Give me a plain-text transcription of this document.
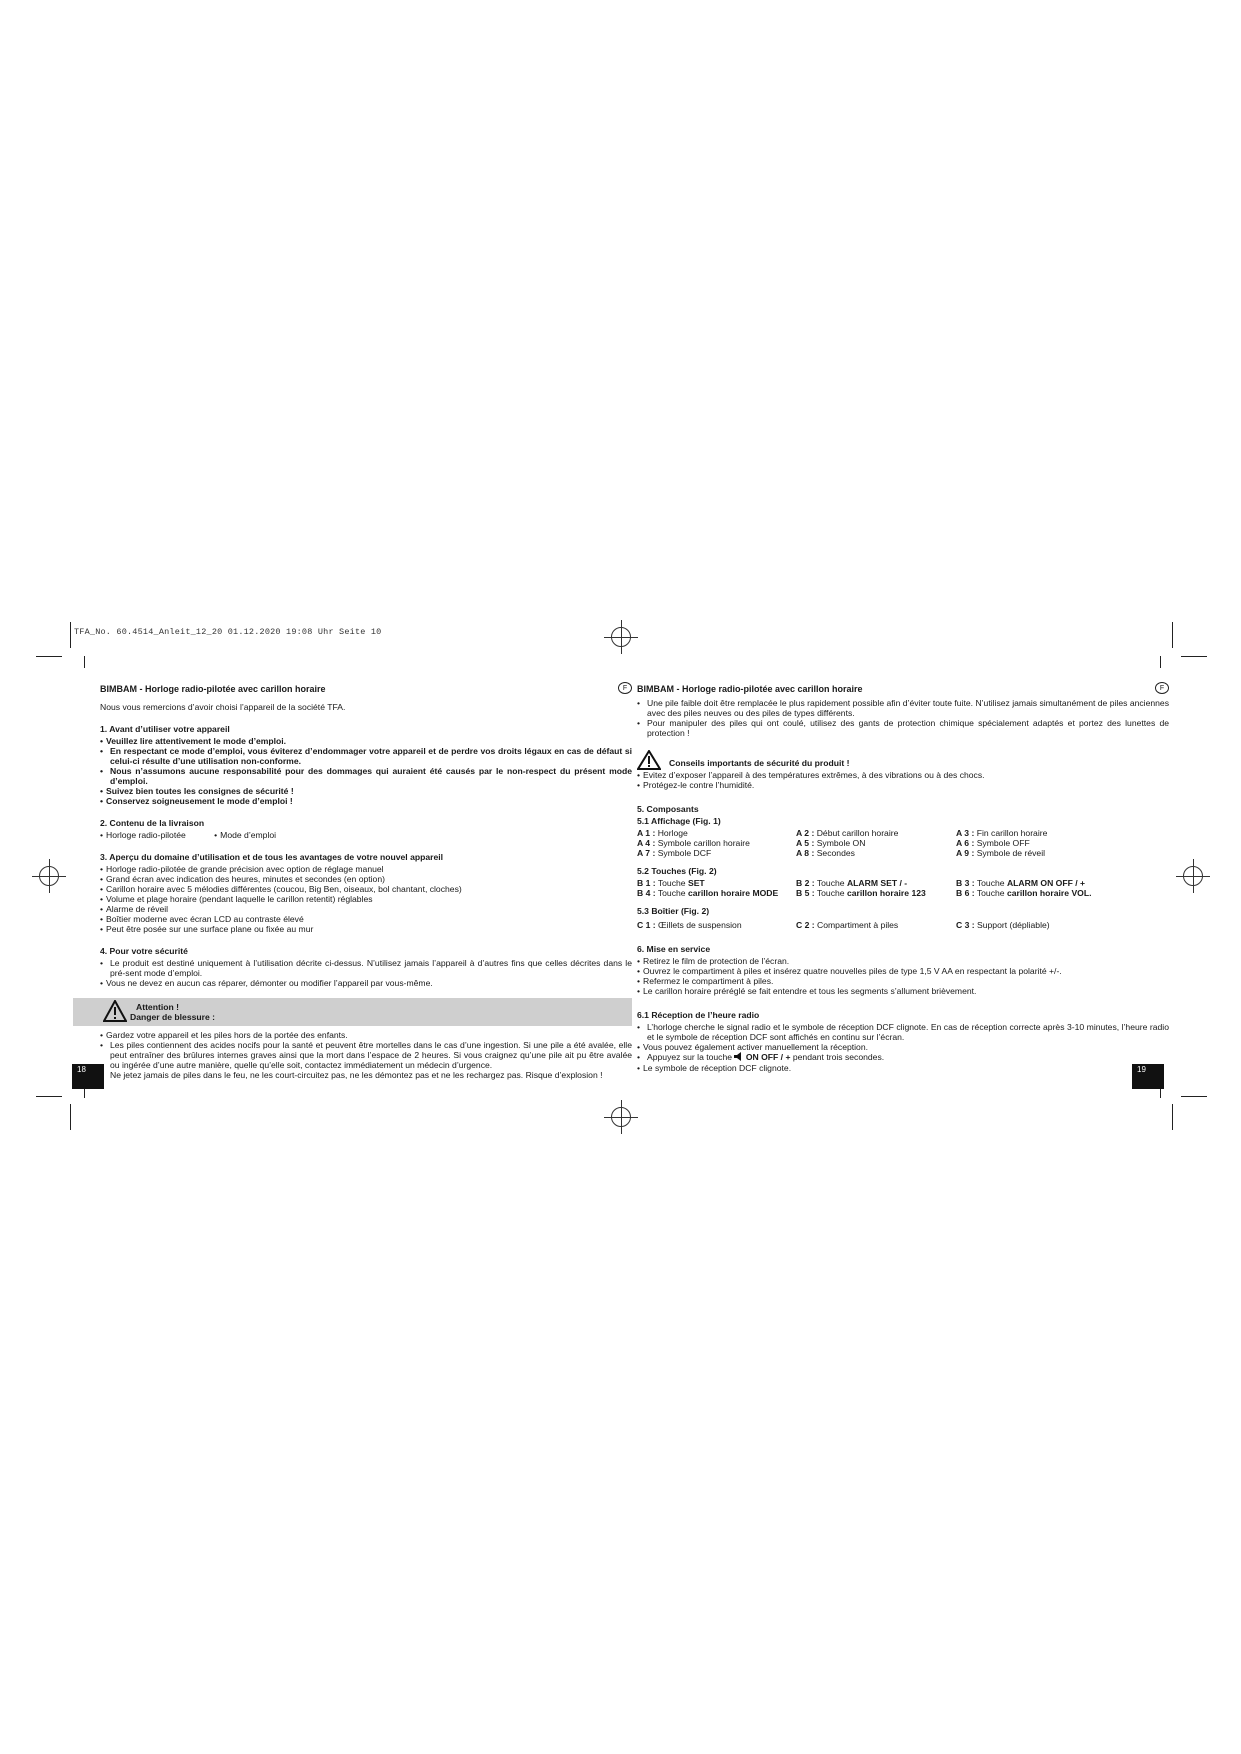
TFA_No. 60.4514_Anleit_12_20 01.12.2020 19:08 Uhr Seite 10
BIMBAM - Horloge radio-pilotée avec carillon horaire	F

Nous vous remercions d’avoir choisi l’appareil de la société TFA.

1. Avant d’utiliser votre appareil
• Veuillez lire attentivement le mode d’emploi.
• En respectant ce mode d’emploi, vous éviterez d’endommager votre appareil et de perdre vos droits légaux en cas de défaut si celui-ci résulte d’une utilisation non-conforme.
• Nous n’assumons aucune responsabilité pour des dommages qui auraient été causés par le non-respect du présent mode d’emploi.
• Suivez bien toutes les consignes de sécurité !
• Conservez soigneusement le mode d’emploi !
2. Contenu de la livraison
• Horloge radio-pilotée •	Mode d’emploi
3. Aperçu du domaine d’utilisation et de tous les avantages de votre nouvel appareil
• Horloge radio-pilotée de grande précision avec option de réglage manuel
• Grand écran avec indication des heures, minutes et secondes (en option)
• Carillon horaire avec 5 mélodies différentes (coucou, Big Ben, oiseaux, bol chantant, cloches)
• Volume et plage horaire (pendant laquelle le carillon retentit) réglables
• Alarme de réveil
• Boîtier moderne avec écran LCD au contraste élevé
• Peut être posée sur une surface plane ou fixée au mur
4. Pour votre sécurité
• Le produit est destiné uniquement à l’utilisation décrite ci-dessus. N’utilisez jamais l’appareil à d’autres fins que celles décrites dans le pré-sent mode d’emploi.
• Vous ne devez en aucun cas réparer, démonter ou modifier l’appareil par vous-même.
Attention !
Danger de blessure :
• Gardez votre appareil et les piles hors de la portée des enfants.
• Les piles contiennent des acides nocifs pour la santé et peuvent être mortelles dans le cas d’une ingestion. Si une pile a été avalée, elle peut entraîner des brûlures internes graves ainsi que la mort dans l’espace de 2 heures. Si vous craignez qu’une pile ait pu être avalée ou ingérée d’une autre manière, quelle qu’elle soit, contactez immédiatement un médecin d’urgence.
• Ne jetez jamais de piles dans le feu, ne les court-circuitez pas, ne les démontez pas et ne les rechargez pas. Risque d’explosion !
18
BIMBAM - Horloge radio-pilotée avec carillon horaire	F
• Une pile faible doit être remplacée le plus rapidement possible afin d’éviter toute fuite. N’utilisez jamais simultanément de piles anciennes avec des piles neuves ou des piles de types différents.
• Pour manipuler des piles qui ont coulé, utilisez des gants de protection chimique spécialement adaptés et portez des lunettes de protection !
Conseils importants de sécurité du produit !
• Evitez d’exposer l’appareil à des températures extrêmes, à des vibrations ou à des chocs.
• Protégez-le contre l’humidité.
5. Composants
5.1 Affichage (Fig. 1)
A 1 : Horloge	A 2 : Début carillon horaire	A 3 : Fin carillon horaire
A 4 : Symbole carillon horaire	A 5 : Symbole ON	A 6 : Symbole OFF
A 7 : Symbole DCF	A 8 : Secondes	A 9 : Symbole de réveil
5.2 Touches (Fig. 2)
B 1 : Touche SET	B 2 : Touche ALARM SET / -	B 3 : Touche ALARM ON OFF / +
B 4 : Touche carillon horaire MODE	B 5 : Touche carillon horaire 123	B 6 : Touche carillon horaire VOL.
5.3 Boîtier (Fig. 2)
C 1 : Œillets de suspension	C 2 : Compartiment à piles	C 3 : Support (dépliable)
6. Mise en service
• Retirez le film de protection de l’écran.
• Ouvrez le compartiment à piles et insérez quatre nouvelles piles de type 1,5 V AA en respectant la polarité +/-.
• Refermez le compartiment à piles.
• Le carillon horaire préréglé se fait entendre et tous les segments s’allument brièvement.
6.1 Réception de l’heure radio
• L’horloge cherche le signal radio et le symbole de réception DCF clignote. En cas de réception correcte après 3-10 minutes, l’heure radio et le symbole de réception DCF sont affichés en continu sur l’écran.
• Vous pouvez également activer manuellement la réception.
• Appuyez sur la touche ON OFF / + pendant trois secondes.
• Le symbole de réception DCF clignote.	19
